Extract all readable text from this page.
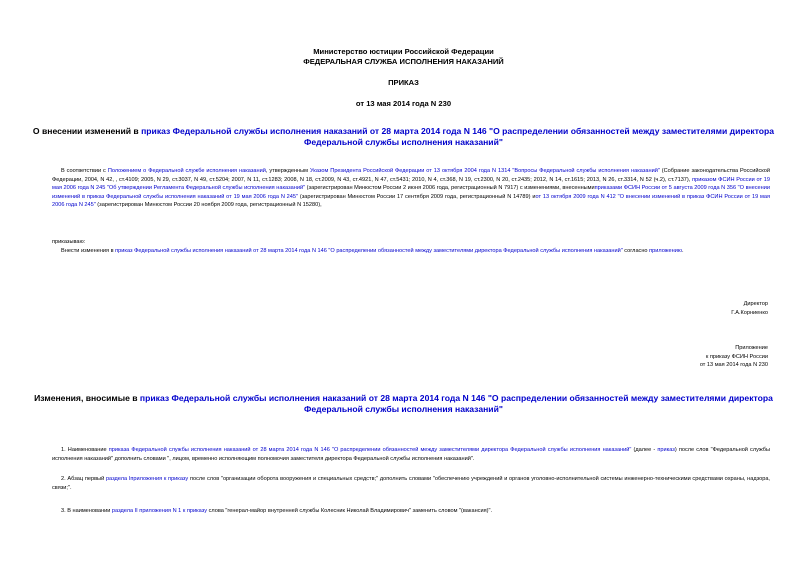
Министерство юстиции Российской Федерации
ФЕДЕРАЛЬНАЯ СЛУЖБА ИСПОЛНЕНИЯ НАКАЗАНИЙ
ПРИКАЗ
от 13 мая 2014 года N 230
О внесении изменений в приказ Федеральной службы исполнения наказаний от 28 марта 2014 года N 146 "О распределении обязанностей между заместителями директора Федеральной службы исполнения наказаний"
В соответствии с Положением о Федеральной службе исполнения наказаний, утвержденным Указом Президента Российской Федерации от 13 октября 2004 года N 1314 "Вопросы Федеральной службы исполнения наказаний" (Собрание законодательства Российской Федерации, 2004, N 42, , ст.4109; 2005, N 29, ст.3037, N 49, ст.5204; 2007, N 11, ст.1283; 2008, N 18, ст.2009, N 43, ст.4921, N 47, ст.5431; 2010, N 4, ст.368, N 19, ст.2300, N 20, ст.2435; 2012, N 14, ст.1615; 2013, N 26, ст.3314, N 52 (ч.2), ст.7137), приказом ФСИН России от 19 мая 2006 года N 245 "Об утверждении Регламента Федеральной службы исполнения наказаний" (зарегистрирован Минюстом России 2 июня 2006 года, регистрационный N 7917) с изменениями, внесеннымиприказами ФСИН России от 5 августа 2009 года N 356 "О внесении изменений в приказ Федеральной службы исполнения наказаний от 19 мая 2006 года N 245" (зарегистрирован Минюстом России 17 сентября 2009 года, регистрационный N 14789) иот 13 октября 2009 года N 412 "О внесении изменений в приказ ФСИН России от 19 мая 2006 года N 245" (зарегистрирован Минюстом России 20 ноября 2009 года, регистрационный N 15280),
приказываю:
Внести изменения в приказ Федеральной службы исполнения наказаний от 28 марта 2014 года N 146 "О распределении обязанностей между заместителями директора Федеральной службы исполнения наказаний" согласно приложению.
Директор
Г.А.Корниенко
Приложение
к приказу ФСИН России
от 13 мая 2014 года N 230
Изменения, вносимые в приказ Федеральной службы исполнения наказаний от 28 марта 2014 года N 146 "О распределении обязанностей между заместителями директора Федеральной службы исполнения наказаний"
1. Наименование приказа Федеральной службы исполнения наказаний от 28 марта 2014 года N 146 "О распределении обязанностей между заместителями директора Федеральной службы исполнения наказаний" (далее - приказ) после слов "Федеральной службы исполнения наказаний" дополнить словами ", лицом, временно исполняющим полномочия заместителя директора Федеральной службы исполнения наказаний".
2. Абзац первый раздела Iприложения к приказу после слов "организации оборота вооружения и специальных средств;" дополнить словами "обеспечению учреждений и органов уголовно-исполнительной системы инженерно-техническими средствами охраны, надзора, связи;".
3. В наименовании раздела II приложения N 1 к приказу слова "генерал-майор внутренней службы Колесник Николай Владимирович" заменить словом "(вакансия)".
